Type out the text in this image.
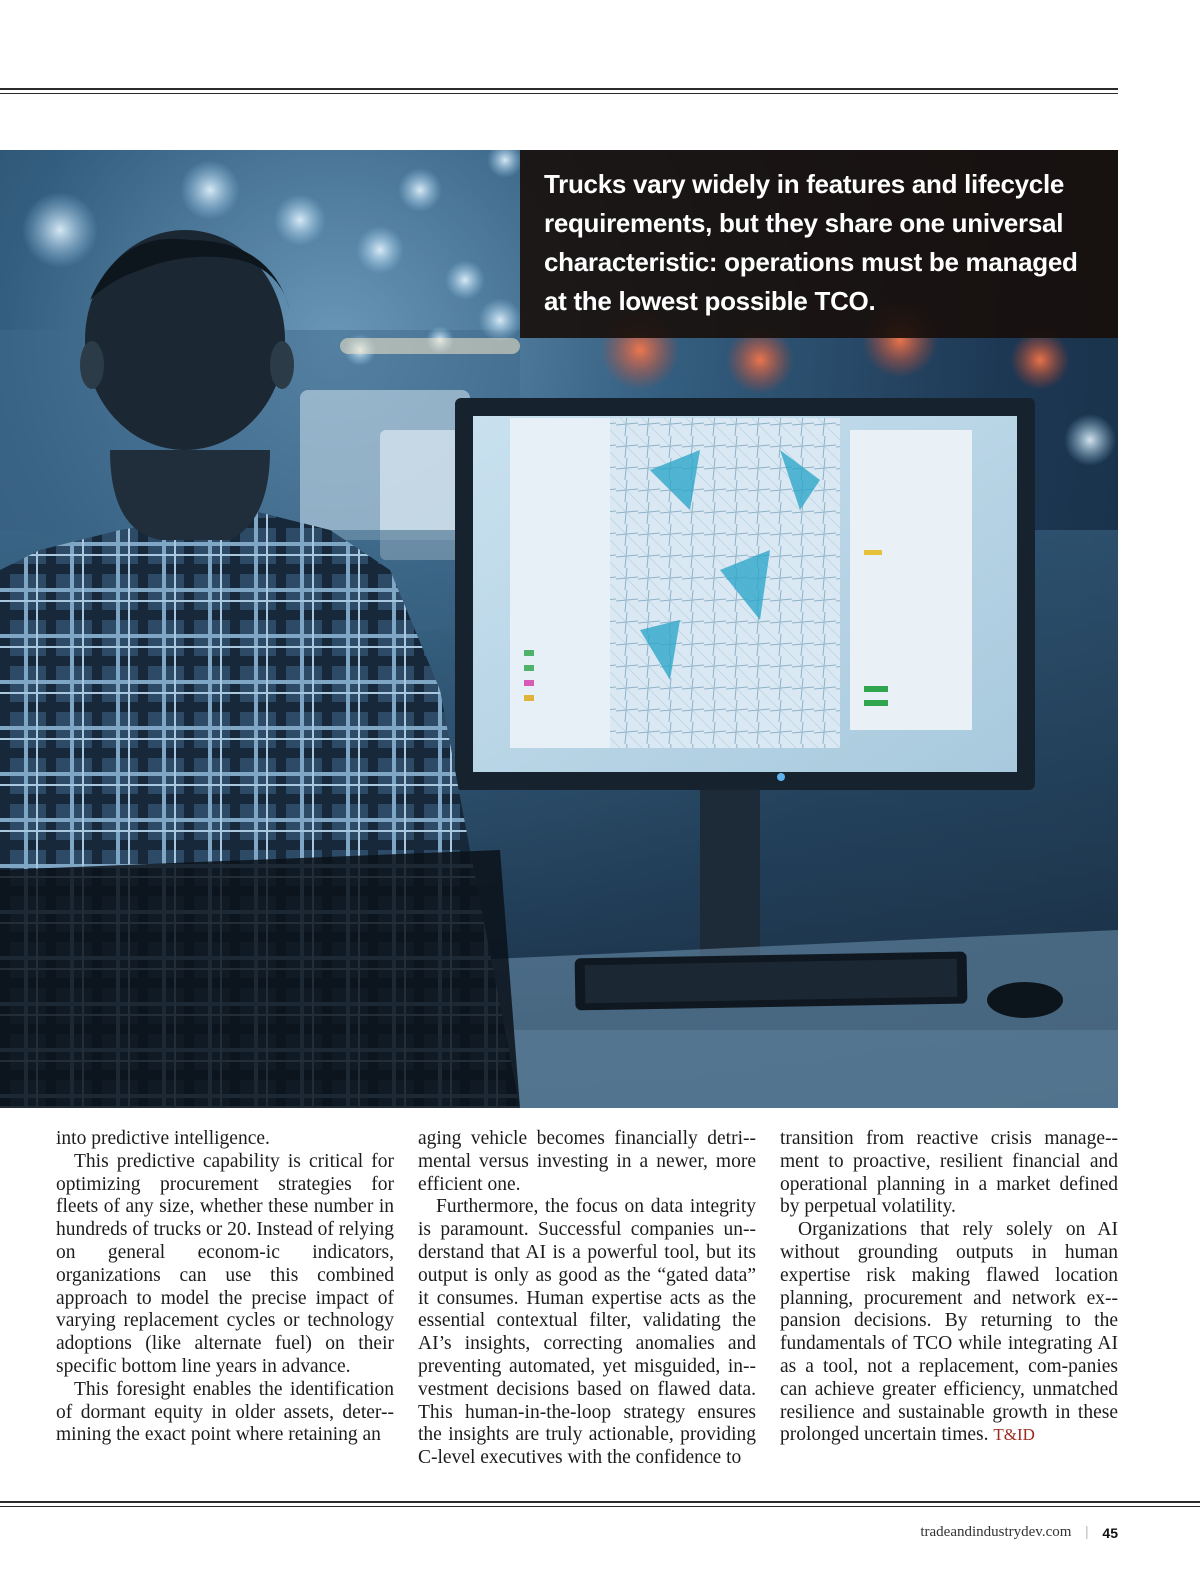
Trucks vary widely in features and lifecycle requirements, but they share one universal characteristic: operations must be managed at the lowest possible TCO.

into predictive intelligence.

This predictive capability is critical for optimizing procurement strategies for fleets of any size, whether these number in hundreds of trucks or 20. Instead of relying on general econom-ic indicators, organizations can use this combined approach to model the precise impact of varying replacement cycles or technology adoptions (like alternate fuel) on their specific bottom line years in advance.

This foresight enables the identification of dormant equity in older assets, deter-mining the exact point where retaining an

aging vehicle becomes financially detri-mental versus investing in a newer, more efficient one.

Furthermore, the focus on data integrity is paramount. Successful companies un-derstand that AI is a powerful tool, but its output is only as good as the “gated data” it consumes. Human expertise acts as the essential contextual filter, validating the AI’s insights, correcting anomalies and preventing automated, yet misguided, in-vestment decisions based on flawed data. This human-in-the-loop strategy ensures the insights are truly actionable, providing C-level executives with the confidence to

transition from reactive crisis manage-ment to proactive, resilient financial and operational planning in a market defined by perpetual volatility.

Organizations that rely solely on AI without grounding outputs in human expertise risk making flawed location planning, procurement and network ex-pansion decisions. By returning to the fundamentals of TCO while integrating AI as a tool, not a replacement, com-panies can achieve greater efficiency, unmatched resilience and sustainable growth in these prolonged uncertain times. T&ID

tradeandindustrydev.com | 45
